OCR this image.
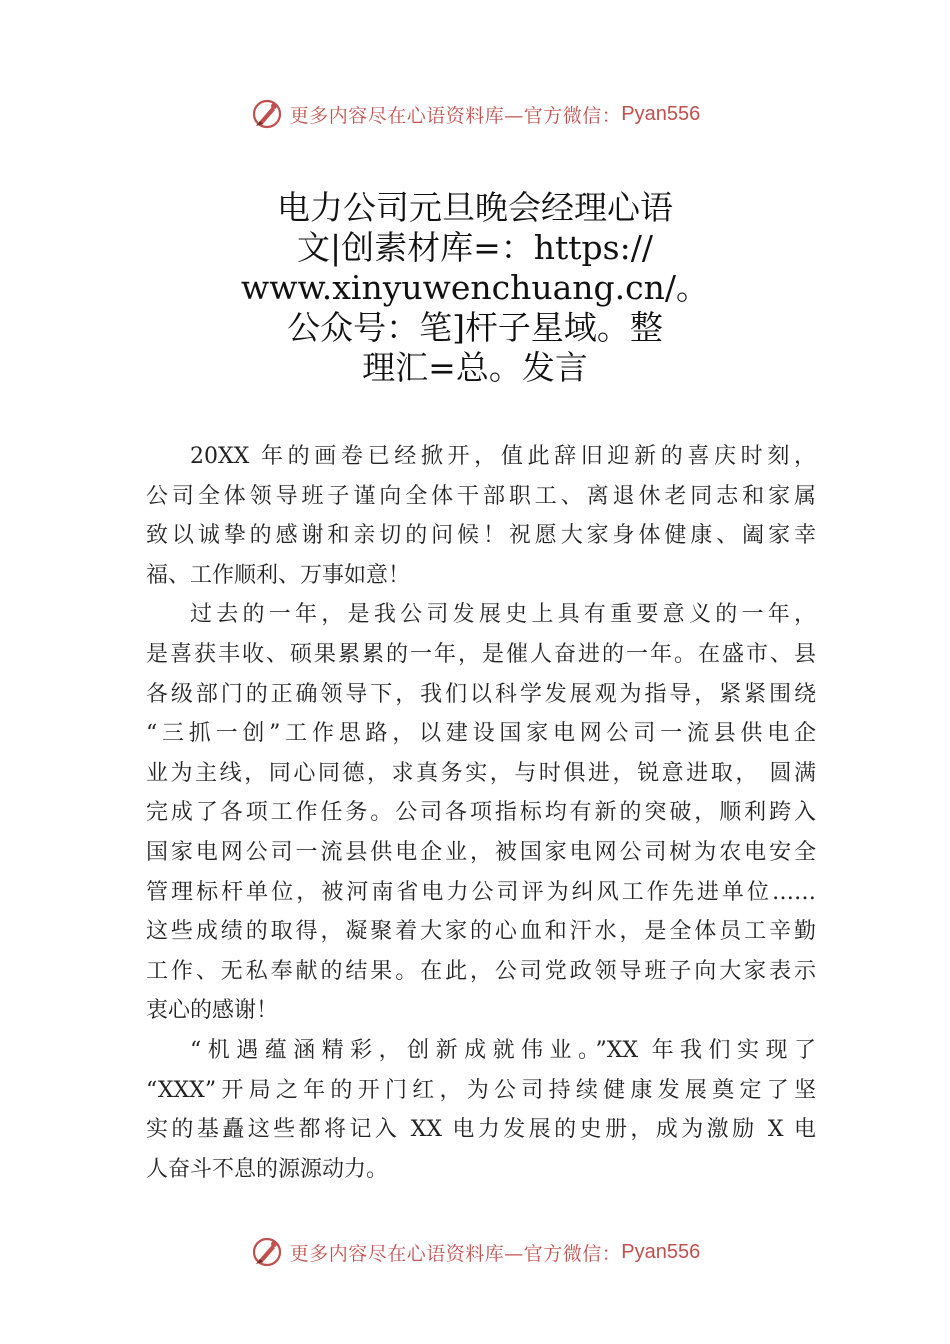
更多内容尽在心语资料库—官方微信： Pyan556
电力公司元旦晚会经理心语
文|创素材库=：https://
www.xinyuwenchuang.cn/。
公众号：笔]杆子星域。整
理汇=总。发言

20XX 年的画卷已经掀开，值此辞旧迎新的喜庆时刻，
公司全体领导班子谨向全体干部职工、离退休老同志和家属
致以诚挚的感谢和亲切的问候！祝愿大家身体健康、阖家幸
福、工作顺利、万事如意！

过去的一年，是我公司发展史上具有重要意义的一年，
是喜获丰收、硕果累累的一年，是催人奋进的一年。在盛市、县
各级部门的正确领导下，我们以科学发展观为指导，紧紧围绕
“三抓一创”工作思路，以建设国家电网公司一流县供电企
业为主线，同心同德，求真务实，与时俱进，锐意进取， 圆满
完成了各项工作任务。公司各项指标均有新的突破，顺利跨入
国家电网公司一流县供电企业，被国家电网公司树为农电安全
管理标杆单位，被河南省电力公司评为纠风工作先进单位……
这些成绩的取得，凝聚着大家的心血和汗水，是全体员工辛勤
工作、无私奉献的结果。在此，公司党政领导班子向大家表示
衷心的感谢！

“机遇蕴涵精彩，创新成就伟业。”XX 年我们实现了
“XXX”开局之年的开门红，为公司持续健康发展奠定了坚
实的基矗这些都将记入 XX 电力发展的史册，成为激励 X 电
人奋斗不息的源源动力。

更多内容尽在心语资料库—官方微信： Pyan556
